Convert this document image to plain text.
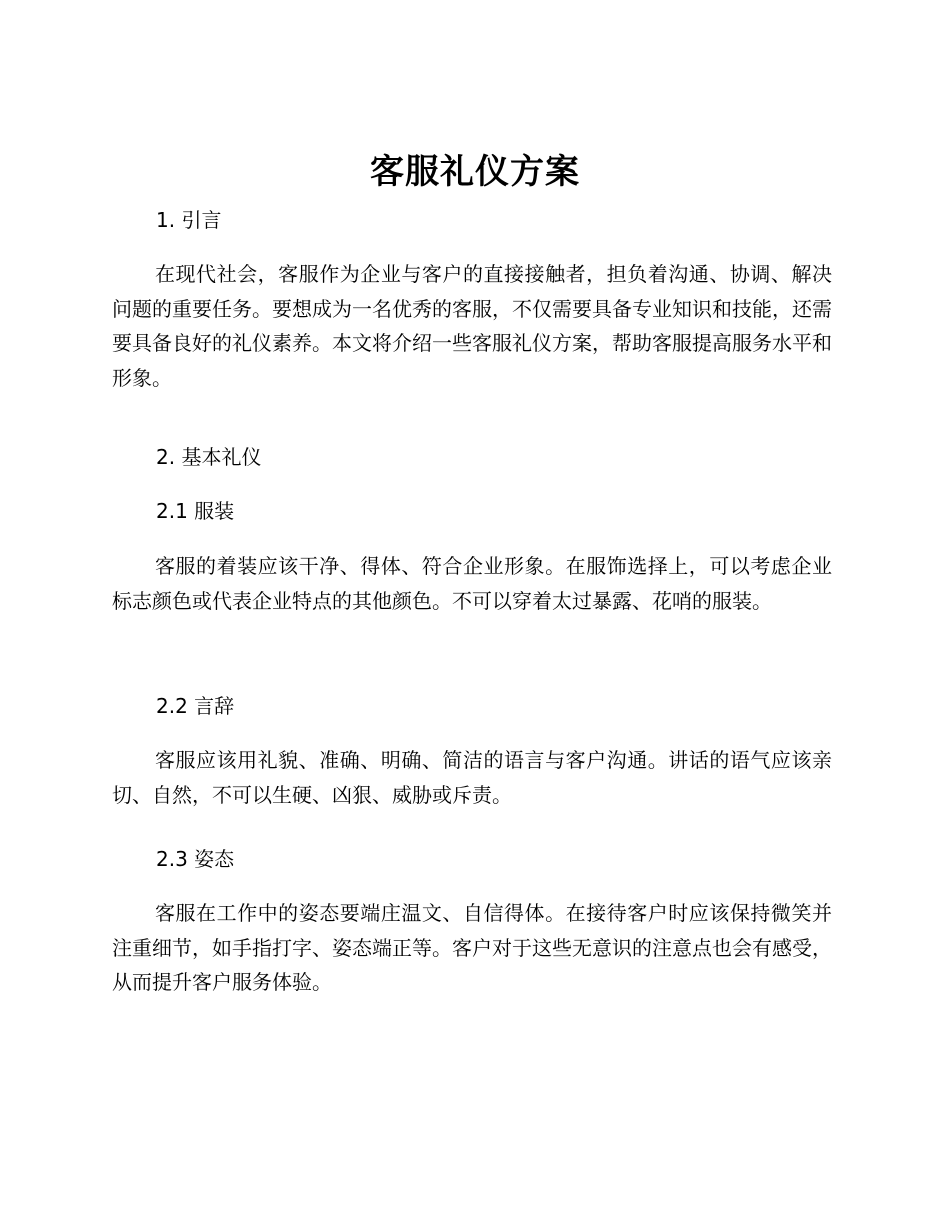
客服礼仪方案
1. 引言

在现代社会，客服作为企业与客户的直接接触者，担负着沟通、协调、解决问题的重要任务。要想成为一名优秀的客服，不仅需要具备专业知识和技能，还需要具备良好的礼仪素养。本文将介绍一些客服礼仪方案，帮助客服提高服务水平和形象。

2. 基本礼仪
2.1 服装

客服的着装应该干净、得体、符合企业形象。在服饰选择上，可以考虑企业标志颜色或代表企业特点的其他颜色。不可以穿着太过暴露、花哨的服装。

2.2 言辞

客服应该用礼貌、准确、明确、简洁的语言与客户沟通。讲话的语气应该亲切、自然，不可以生硬、凶狠、威胁或斥责。

2.3 姿态

客服在工作中的姿态要端庄温文、自信得体。在接待客户时应该保持微笑并注重细节，如手指打字、姿态端正等。客户对于这些无意识的注意点也会有感受，从而提升客户服务体验。
